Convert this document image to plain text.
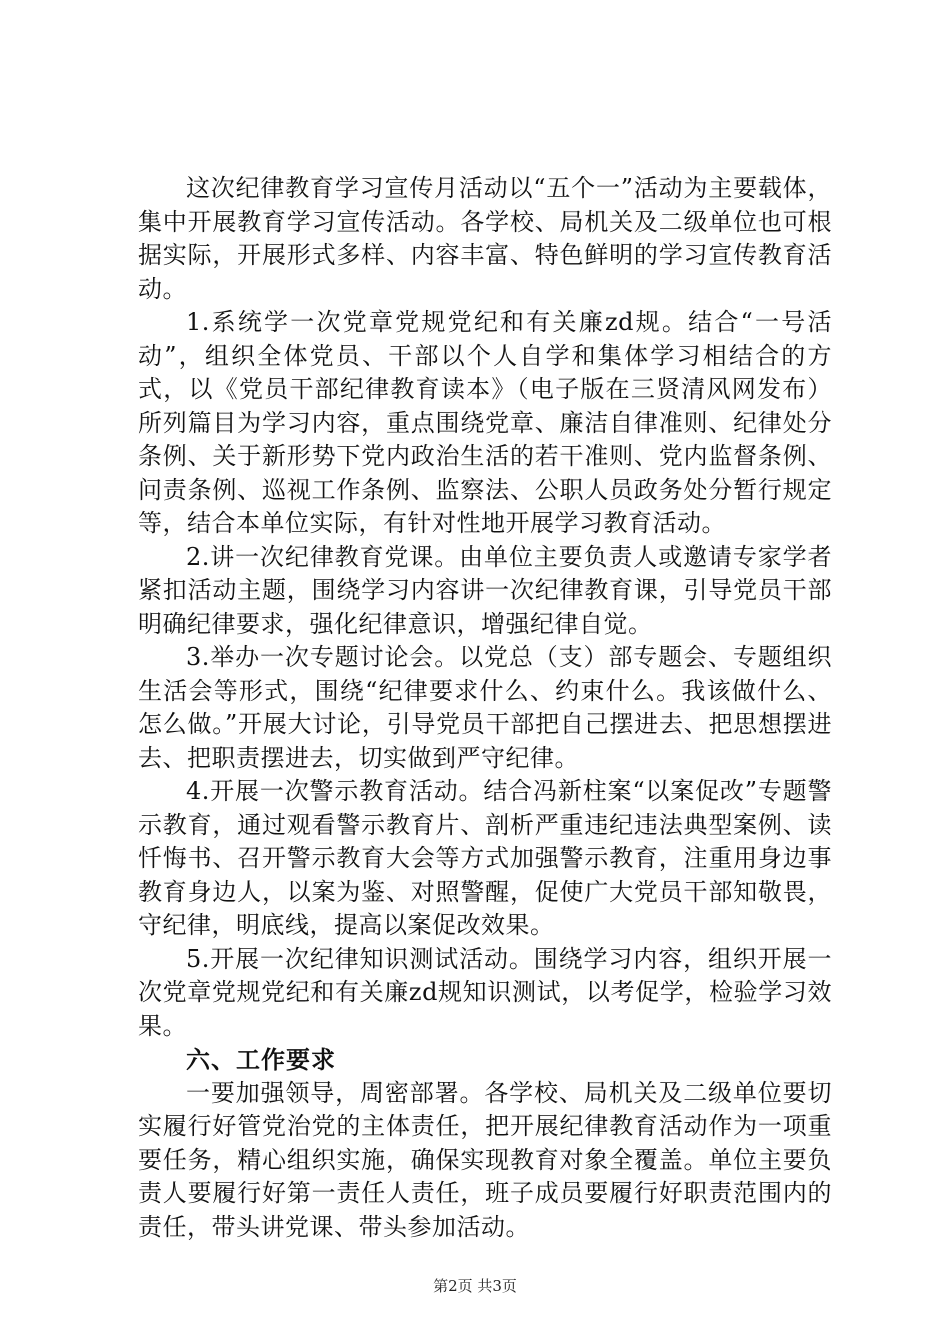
这次纪律教育学习宣传月活动以“五个一”活动为主要载体，集中开展教育学习宣传活动。各学校、局机关及二级单位也可根据实际，开展形式多样、内容丰富、特色鲜明的学习宣传教育活动。

1.系统学一次党章党规党纪和有关廉zd规。结合“一号活动”，组织全体党员、干部以个人自学和集体学习相结合的方式，以《党员干部纪律教育读本》（电子版在三贤清风网发布）所列篇目为学习内容，重点围绕党章、廉洁自律准则、纪律处分条例、关于新形势下党内政治生活的若干准则、党内监督条例、问责条例、巡视工作条例、监察法、公职人员政务处分暂行规定等，结合本单位实际，有针对性地开展学习教育活动。

2.讲一次纪律教育党课。由单位主要负责人或邀请专家学者紧扣活动主题，围绕学习内容讲一次纪律教育课，引导党员干部明确纪律要求，强化纪律意识，增强纪律自觉。

3.举办一次专题讨论会。以党总（支）部专题会、专题组织生活会等形式，围绕“纪律要求什么、约束什么。我该做什么、怎么做。”开展大讨论，引导党员干部把自己摆进去、把思想摆进去、把职责摆进去，切实做到严守纪律。

4.开展一次警示教育活动。结合冯新柱案“以案促改”专题警示教育，通过观看警示教育片、剖析严重违纪违法典型案例、读忏悔书、召开警示教育大会等方式加强警示教育，注重用身边事教育身边人，以案为鉴、对照警醒，促使广大党员干部知敬畏，守纪律，明底线，提高以案促改效果。

5.开展一次纪律知识测试活动。围绕学习内容，组织开展一次党章党规党纪和有关廉zd规知识测试，以考促学，检验学习效果。

六、工作要求

一要加强领导，周密部署。各学校、局机关及二级单位要切实履行好管党治党的主体责任，把开展纪律教育活动作为一项重要任务，精心组织实施，确保实现教育对象全覆盖。单位主要负责人要履行好第一责任人责任，班子成员要履行好职责范围内的责任，带头讲党课、带头参加活动。

第2页 共3页
